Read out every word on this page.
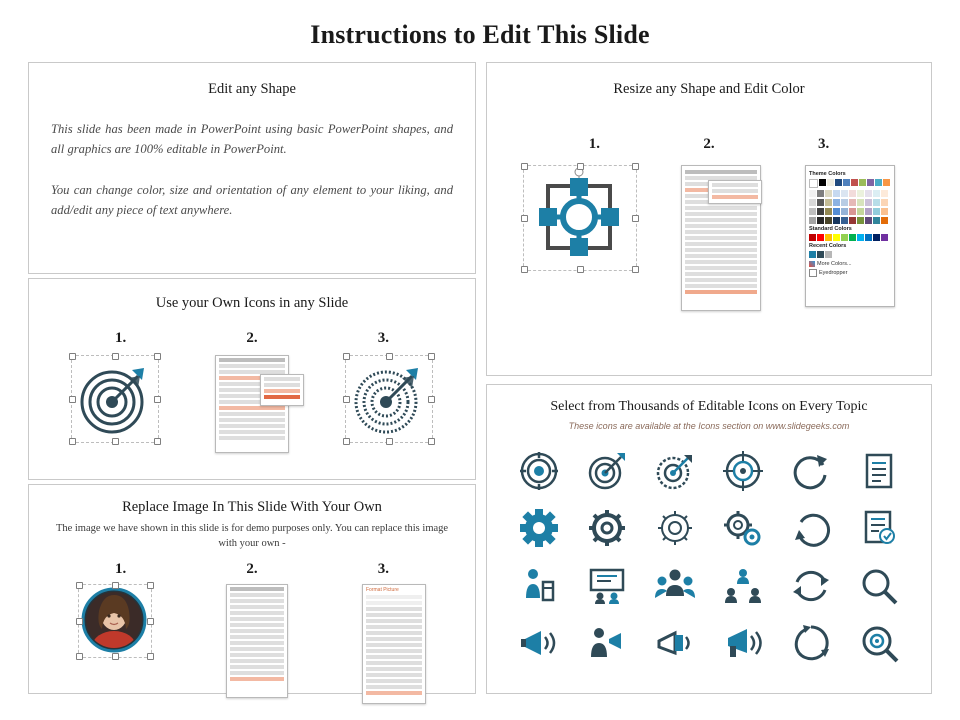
Instructions to Edit This Slide
Edit any Shape

This slide has been made in PowerPoint using basic PowerPoint shapes, and all graphics are 100% editable in PowerPoint.

You can change color, size and orientation of any element to your liking, and add/edit any piece of text anywhere.

Use your Own Icons in any Slide
1.	2.	3.
Replace Image In This Slide With Your Own
The image we have shown in this slide is for demo purposes only. You can replace this image with your own -
1.	2.	3.
Format Picture
Resize any Shape and Edit Color
1.	2.	3.
Theme Colors
Standard Colors
Recent Colors
More Colors...
Eyedropper
Select from Thousands of Editable Icons on Every Topic
These icons are available at the Icons section on www.slidegeeks.com
